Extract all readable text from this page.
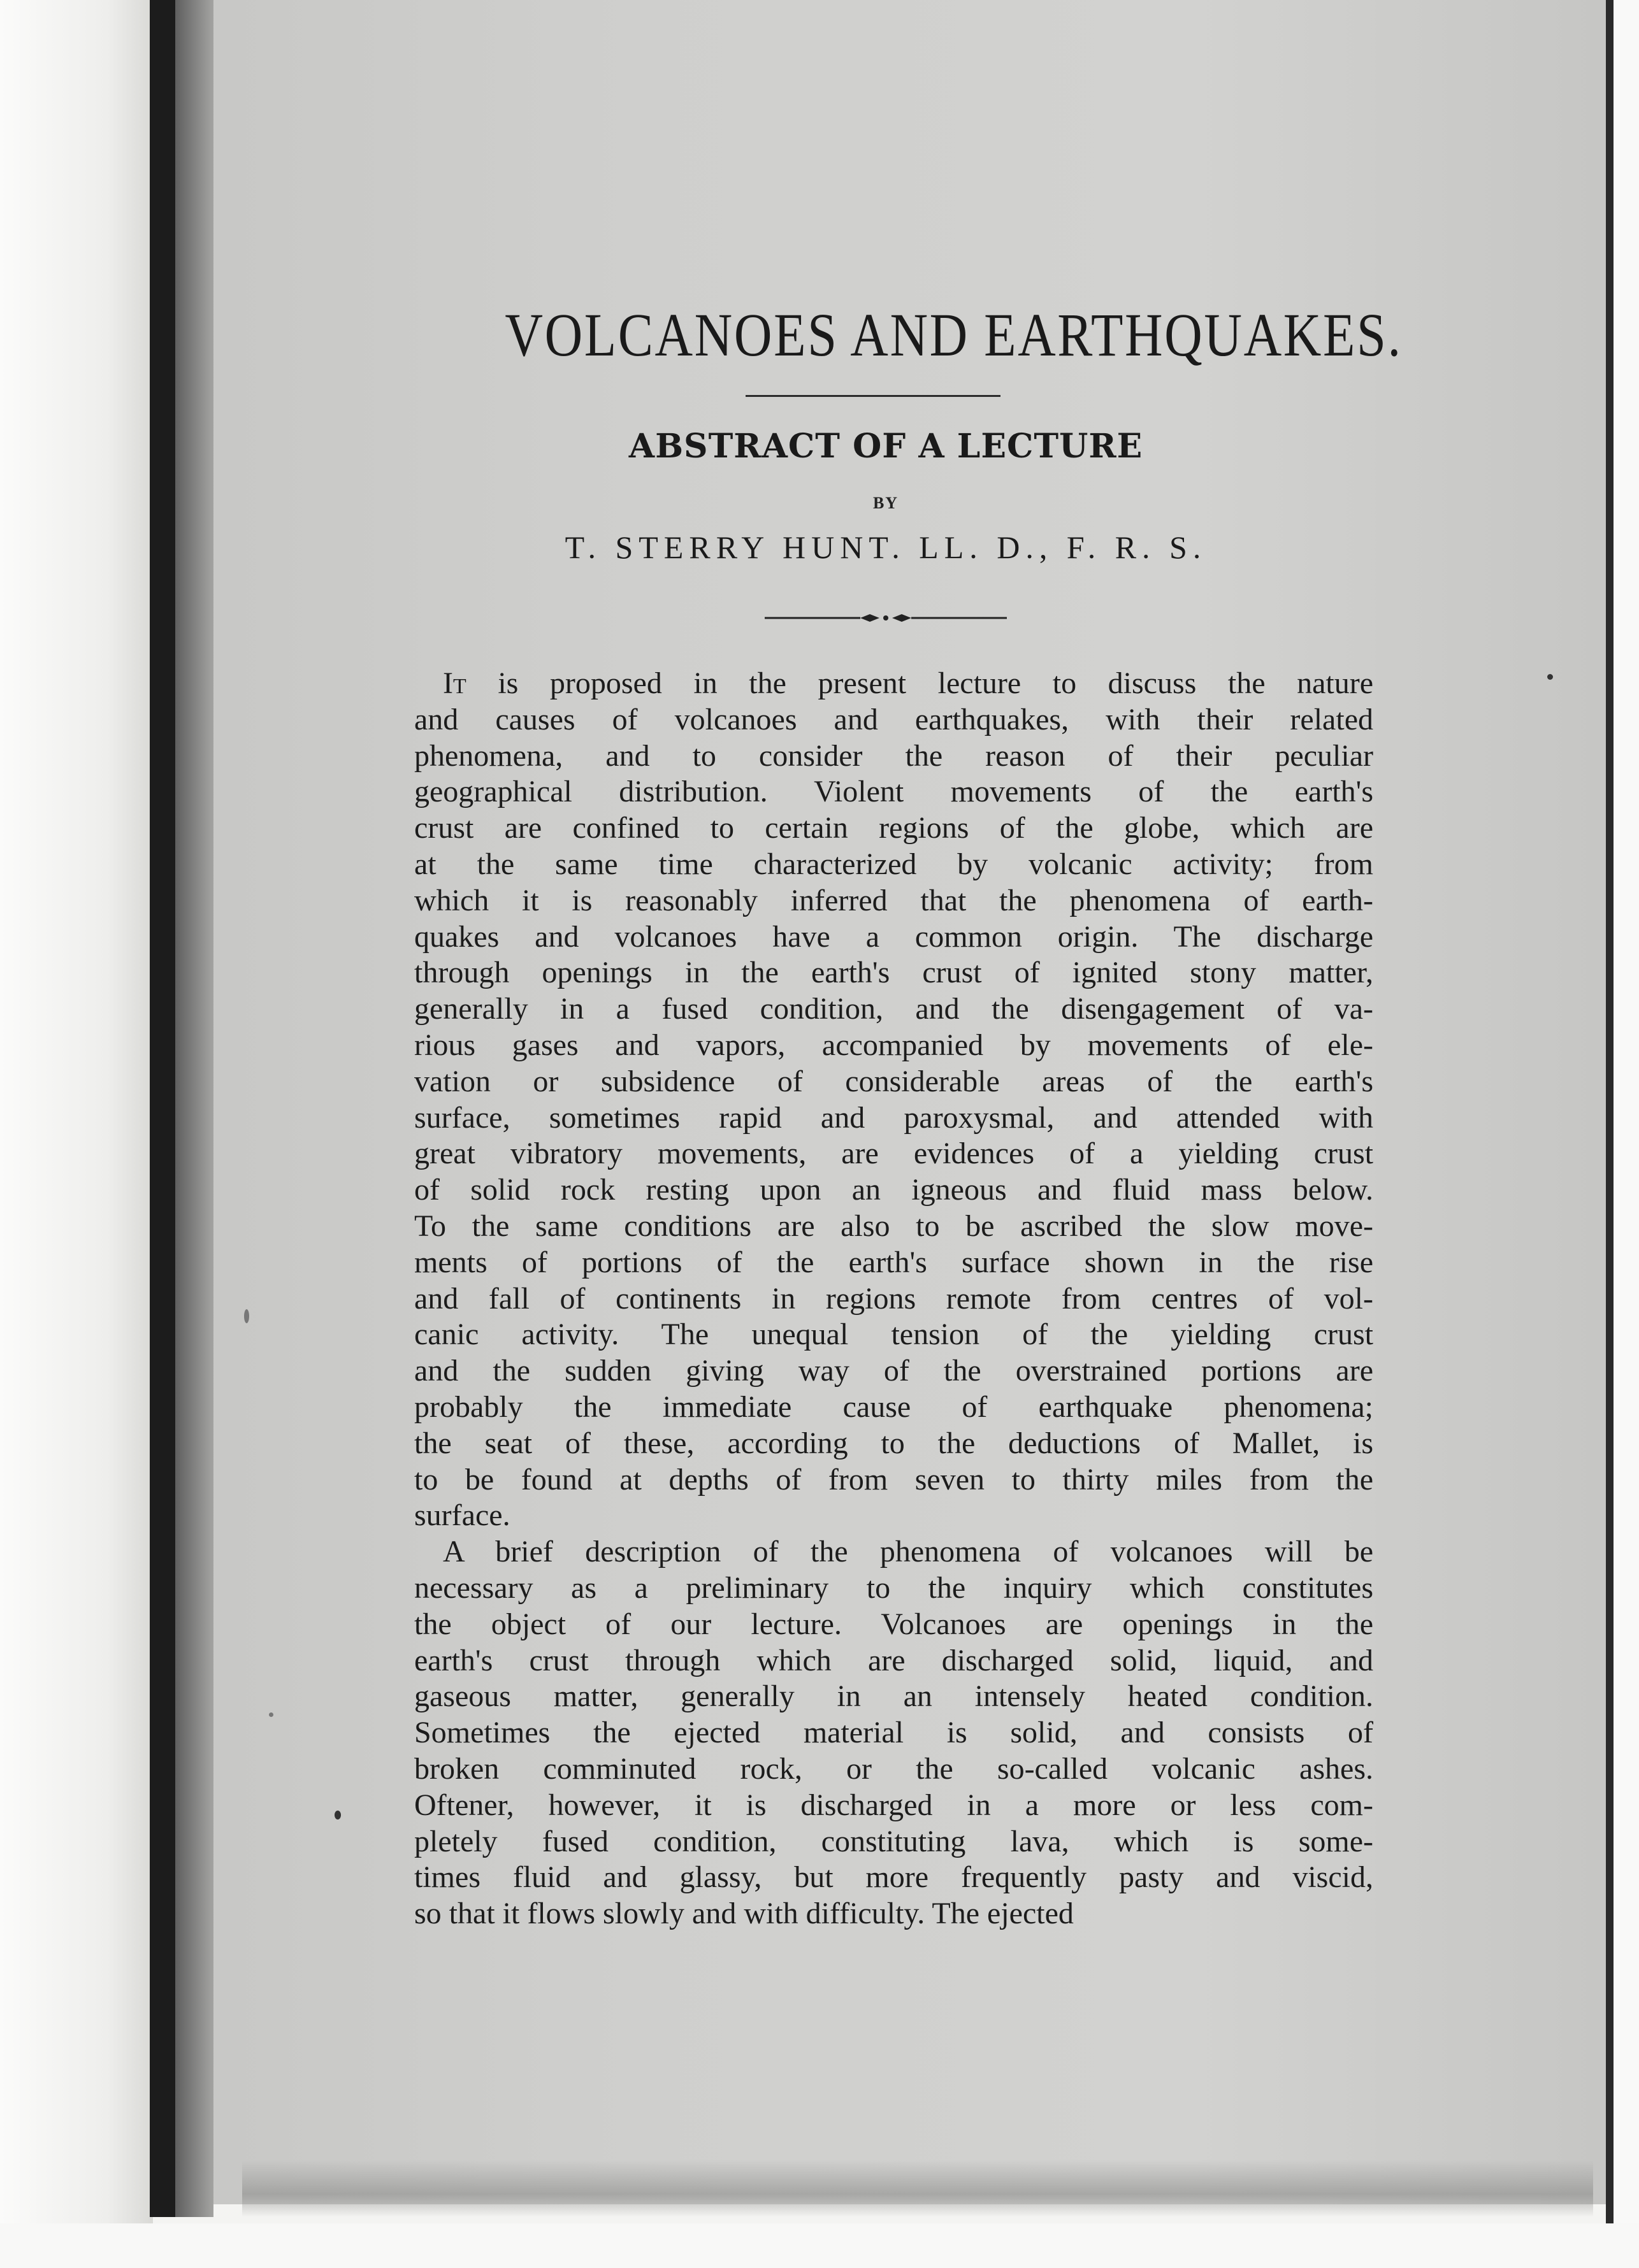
VOLCANOES AND EARTHQUAKES.
ABSTRACT OF A LECTURE
BY
T. STERRY HUNT. LL. D., F. R. S.
It is proposed in the present lecture to discuss the nature
and causes of volcanoes and earthquakes, with their related
phenomena, and to consider the reason of their peculiar
geographical distribution. Violent movements of the earth's
crust are confined to certain regions of the globe, which are
at the same time characterized by volcanic activity; from
which it is reasonably inferred that the phenomena of earth-
quakes and volcanoes have a common origin. The discharge
through openings in the earth's crust of ignited stony matter,
generally in a fused condition, and the disengagement of va-
rious gases and vapors, accompanied by movements of ele-
vation or subsidence of considerable areas of the earth's
surface, sometimes rapid and paroxysmal, and attended with
great vibratory movements, are evidences of a yielding crust
of solid rock resting upon an igneous and fluid mass below.
To the same conditions are also to be ascribed the slow move-
ments of portions of the earth's surface shown in the rise
and fall of continents in regions remote from centres of vol-
canic activity. The unequal tension of the yielding crust
and the sudden giving way of the overstrained portions are
probably the immediate cause of earthquake phenomena;
the seat of these, according to the deductions of Mallet, is
to be found at depths of from seven to thirty miles from the
surface.
A brief description of the phenomena of volcanoes will be
necessary as a preliminary to the inquiry which constitutes
the object of our lecture. Volcanoes are openings in the
earth's crust through which are discharged solid, liquid, and
gaseous matter, generally in an intensely heated condition.
Sometimes the ejected material is solid, and consists of
broken comminuted rock, or the so-called volcanic ashes.
Oftener, however, it is discharged in a more or less com-
pletely fused condition, constituting lava, which is some-
times fluid and glassy, but more frequently pasty and viscid,
so that it flows slowly and with difficulty. The ejected
